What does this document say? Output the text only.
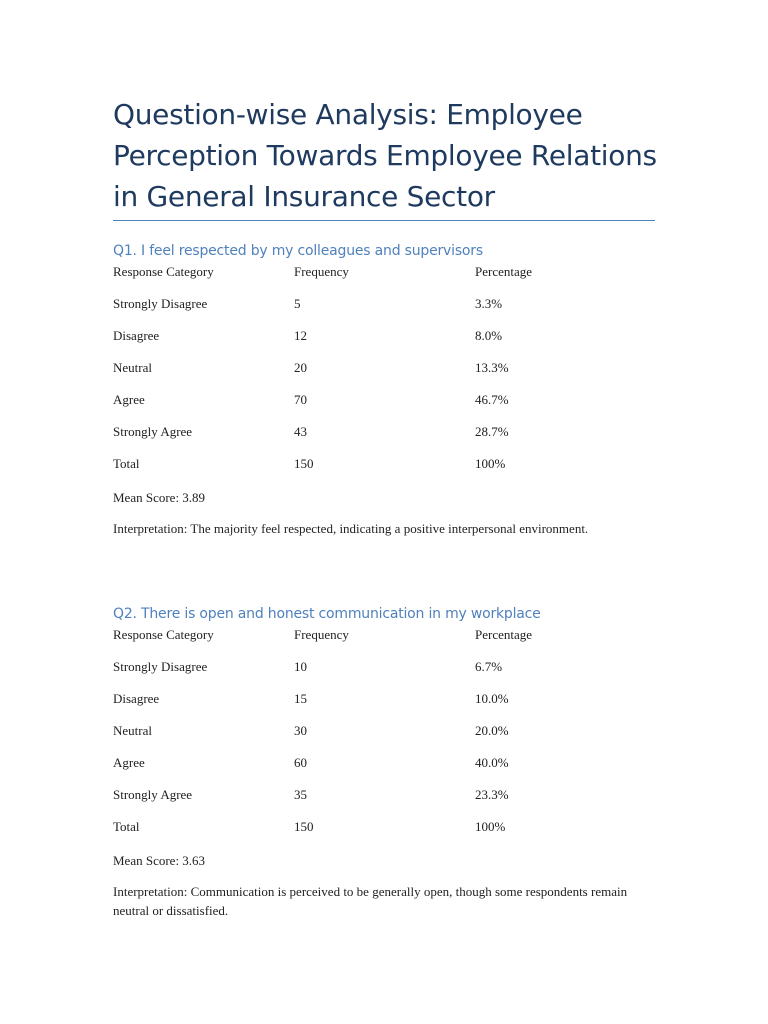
Question-wise Analysis: Employee Perception Towards Employee Relations in General Insurance Sector
Q1. I feel respected by my colleagues and supervisors
Response Category	Frequency	Percentage
Strongly Disagree	5	3.3%
Disagree	12	8.0%
Neutral	20	13.3%
Agree	70	46.7%
Strongly Agree	43	28.7%
Total	150	100%

Mean Score: 3.89

Interpretation: The majority feel respected, indicating a positive interpersonal environment.

Q2. There is open and honest communication in my workplace
Response Category	Frequency	Percentage
Strongly Disagree	10	6.7%
Disagree	15	10.0%
Neutral	30	20.0%
Agree	60	40.0%
Strongly Agree	35	23.3%
Total	150	100%

Mean Score: 3.63

Interpretation: Communication is perceived to be generally open, though some respondents remain neutral or dissatisfied.
